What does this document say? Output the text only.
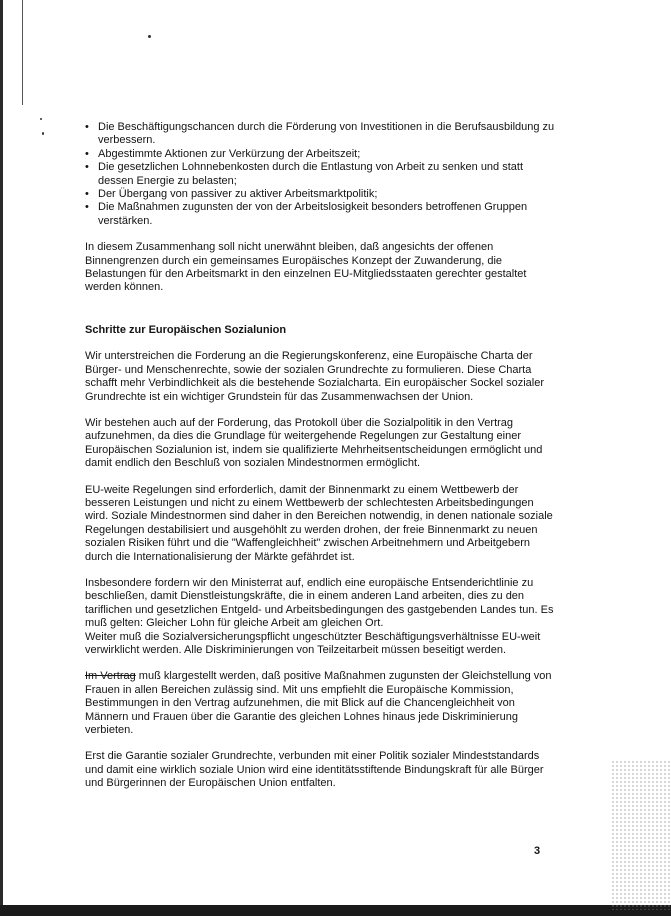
• Die Beschäftigungschancen durch die Förderung von Investitionen in die Berufsausbildung zu verbessern.
• Abgestimmte Aktionen zur Verkürzung der Arbeitszeit;
• Die gesetzlichen Lohnnebenkosten durch die Entlastung von Arbeit zu senken und statt dessen Energie zu belasten;
• Der Übergang von passiver zu aktiver Arbeitsmarktpolitik;
• Die Maßnahmen zugunsten der von der Arbeitslosigkeit besonders betroffenen Gruppen verstärken.

In diesem Zusammenhang soll nicht unerwähnt bleiben, daß angesichts der offenen Binnengrenzen durch ein gemeinsames Europäisches Konzept der Zuwanderung, die Belastungen für den Arbeitsmarkt in den einzelnen EU-Mitgliedsstaaten gerechter gestaltet werden können.

Schritte zur Europäischen Sozialunion

Wir unterstreichen die Forderung an die Regierungskonferenz, eine Europäische Charta der Bürger- und Menschenrechte, sowie der sozialen Grundrechte zu formulieren. Diese Charta schafft mehr Verbindlichkeit als die bestehende Sozialcharta. Ein europäischer Sockel sozialer Grundrechte ist ein wichtiger Grundstein für das Zusammenwachsen der Union.

Wir bestehen auch auf der Forderung, das Protokoll über die Sozialpolitik in den Vertrag aufzunehmen, da dies die Grundlage für weitergehende Regelungen zur Gestaltung einer Europäischen Sozialunion ist, indem sie qualifizierte Mehrheitsentscheidungen ermöglicht und damit endlich den Beschluß von sozialen Mindestnormen ermöglicht.

EU-weite Regelungen sind erforderlich, damit der Binnenmarkt zu einem Wettbewerb der besseren Leistungen und nicht zu einem Wettbewerb der schlechtesten Arbeitsbedingungen wird. Soziale Mindestnormen sind daher in den Bereichen notwendig, in denen nationale soziale Regelungen destabilisiert und ausgehöhlt zu werden drohen, der freie Binnenmarkt zu neuen sozialen Risiken führt und die "Waffengleichheit" zwischen Arbeitnehmern und Arbeitgebern durch die Internationalisierung der Märkte gefährdet ist.

Insbesondere fordern wir den Ministerrat auf, endlich eine europäische Entsenderichtlinie zu beschließen, damit Dienstleistungskräfte, die in einem anderen Land arbeiten, dies zu den tariflichen und gesetzlichen Entgeld- und Arbeitsbedingungen des gastgebenden Landes tun. Es muß gelten: Gleicher Lohn für gleiche Arbeit am gleichen Ort.
Weiter muß die Sozialversicherungspflicht ungeschützter Beschäftigungsverhältnisse EU-weit verwirklicht werden. Alle Diskriminierungen von Teilzeitarbeit müssen beseitigt werden.

Im Vertrag muß klargestellt werden, daß positive Maßnahmen zugunsten der Gleichstellung von Frauen in allen Bereichen zulässig sind. Mit uns empfiehlt die Europäische Kommission, Bestimmungen in den Vertrag aufzunehmen, die mit Blick auf die Chancengleichheit von Männern und Frauen über die Garantie des gleichen Lohnes hinaus jede Diskriminierung verbieten.

Erst die Garantie sozialer Grundrechte, verbunden mit einer Politik sozialer Mindeststandards und damit eine wirklich soziale Union wird eine identitätsstiftende Bindungskraft für alle Bürger und Bürgerinnen der Europäischen Union entfalten.

3
